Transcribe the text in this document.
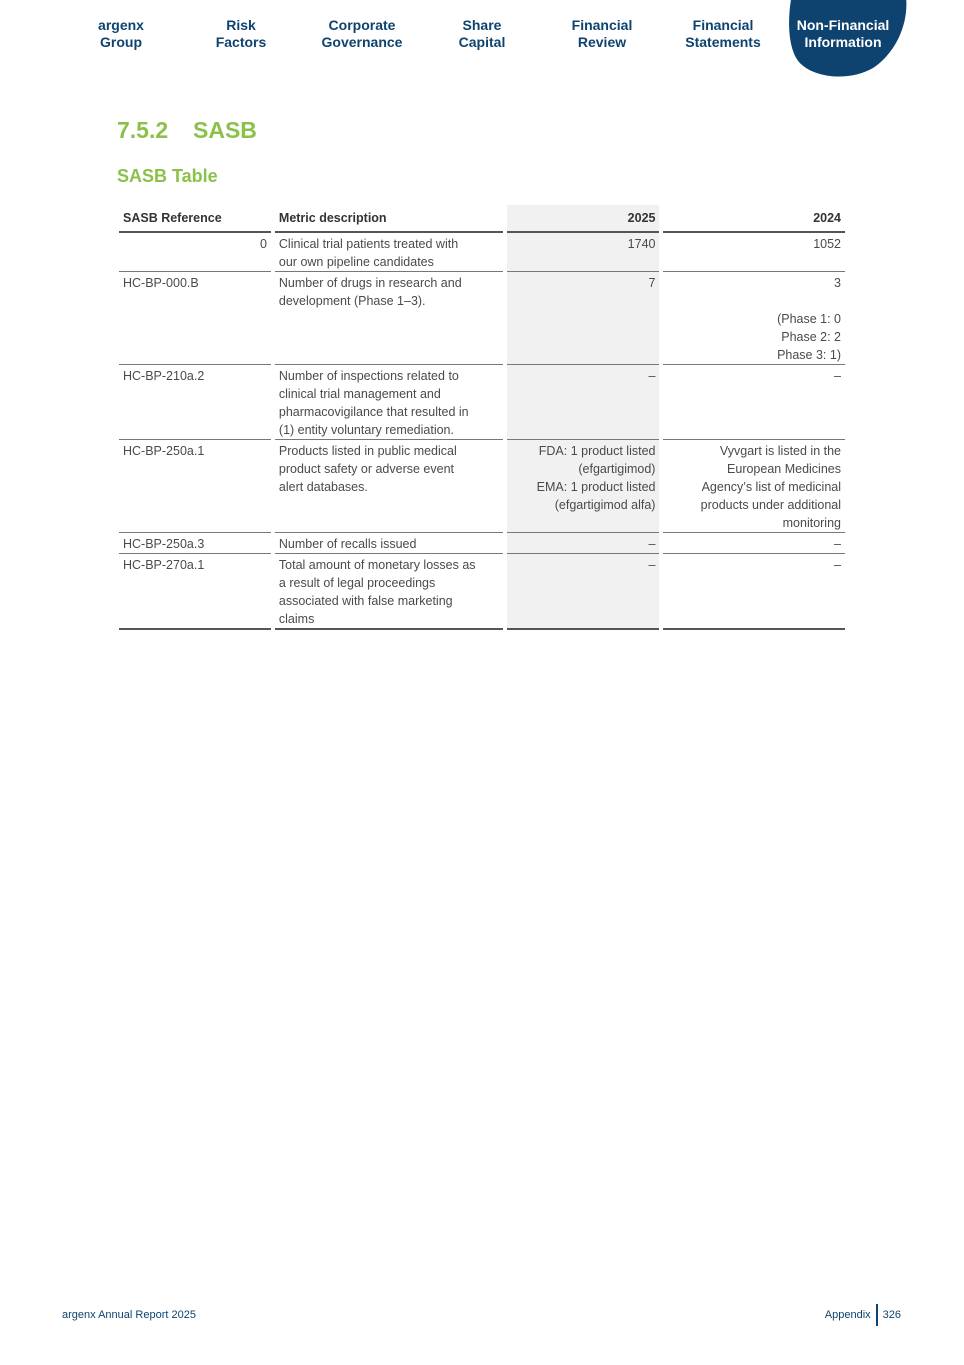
argenx
Group
Risk
Factors
Corporate
Governance
Share
Capital
Financial
Review
Financial
Statements
Non-Financial
Information
7.5.2 SASB
SASB Table
SASB Reference	Metric description	2025	2024
0	Clinical trial patients treated with
our own pipeline candidates	1740	1052

HC-BP-000.B	Number of drugs in research and
development (Phase 1–3).	7	3
(Phase 1: 0
Phase 2: 2
Phase 3: 1)

HC-BP-210a.2	Number of inspections related to
clinical trial management and
pharmacovigilance that resulted in
(1) entity voluntary remediation.	–	–

HC-BP-250a.1	Products listed in public medical
product safety or adverse event
alert databases.	FDA: 1 product listed
(efgartigimod)
EMA: 1 product listed
(efgartigimod alfa)	Vyvgart is listed in the
European Medicines
Agency’s list of medicinal
products under additional
monitoring

HC-BP-250a.3	Number of recalls issued	–	–

HC-BP-270a.1	Total amount of monetary losses as
a result of legal proceedings
associated with false marketing
claims	–	–
argenx Annual Report 2025	Appendix 326
